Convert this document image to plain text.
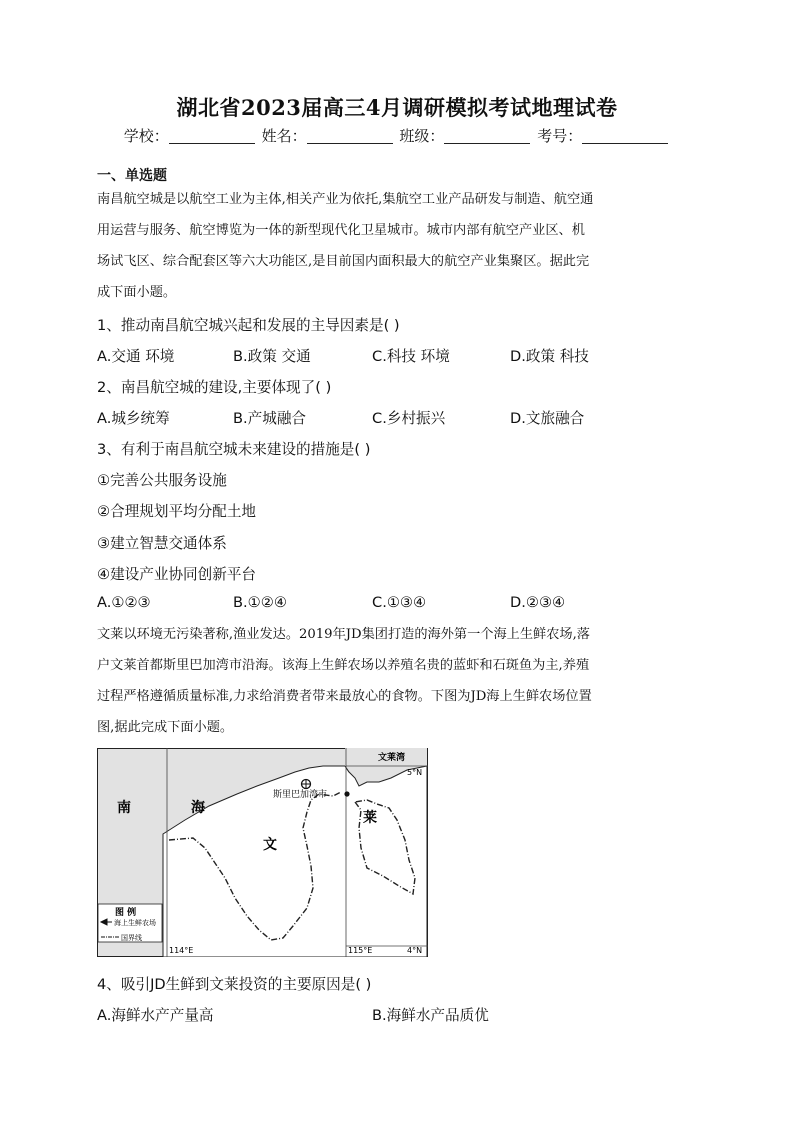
湖北省2023届高三4月调研模拟考试地理试卷
学校：	姓名：	班级：	考号：
一、单选题
南昌航空城是以航空工业为主体,相关产业为依托,集航空工业产品研发与制造、航空通
用运营与服务、航空博览为一体的新型现代化卫星城市。城市内部有航空产业区、机
场试飞区、综合配套区等六大功能区,是目前国内面积最大的航空产业集聚区。据此完
成下面小题。
1、推动南昌航空城兴起和发展的主导因素是( )
A.交通 环境	B.政策 交通	C.科技 环境	D.政策 科技
2、南昌航空城的建设,主要体现了( )
A.城乡统筹	B.产城融合	C.乡村振兴	D.文旅融合
3、有利于南昌航空城未来建设的措施是( )
①完善公共服务设施
②合理规划平均分配土地
③建立智慧交通体系
④建设产业协同创新平台
A.①②③	B.①②④	C.①③④	D.②③④
文莱以环境无污染著称,渔业发达。2019年JD集团打造的海外第一个海上生鲜农场,落
户文莱首都斯里巴加湾市沿海。该海上生鲜农场以养殖名贵的蓝虾和石斑鱼为主,养殖
过程严格遵循质量标准,力求给消费者带来最放心的食物。下图为JD海上生鲜农场位置
图,据此完成下面小题。
文莱湾
5°N
斯里巴加湾市
南	海
文
莱
图 例
海上生鲜农场
国界线
114°E	115°E	4°N
4、吸引JD生鲜到文莱投资的主要原因是( )
A.海鲜水产产量高	B.海鲜水产品质优
